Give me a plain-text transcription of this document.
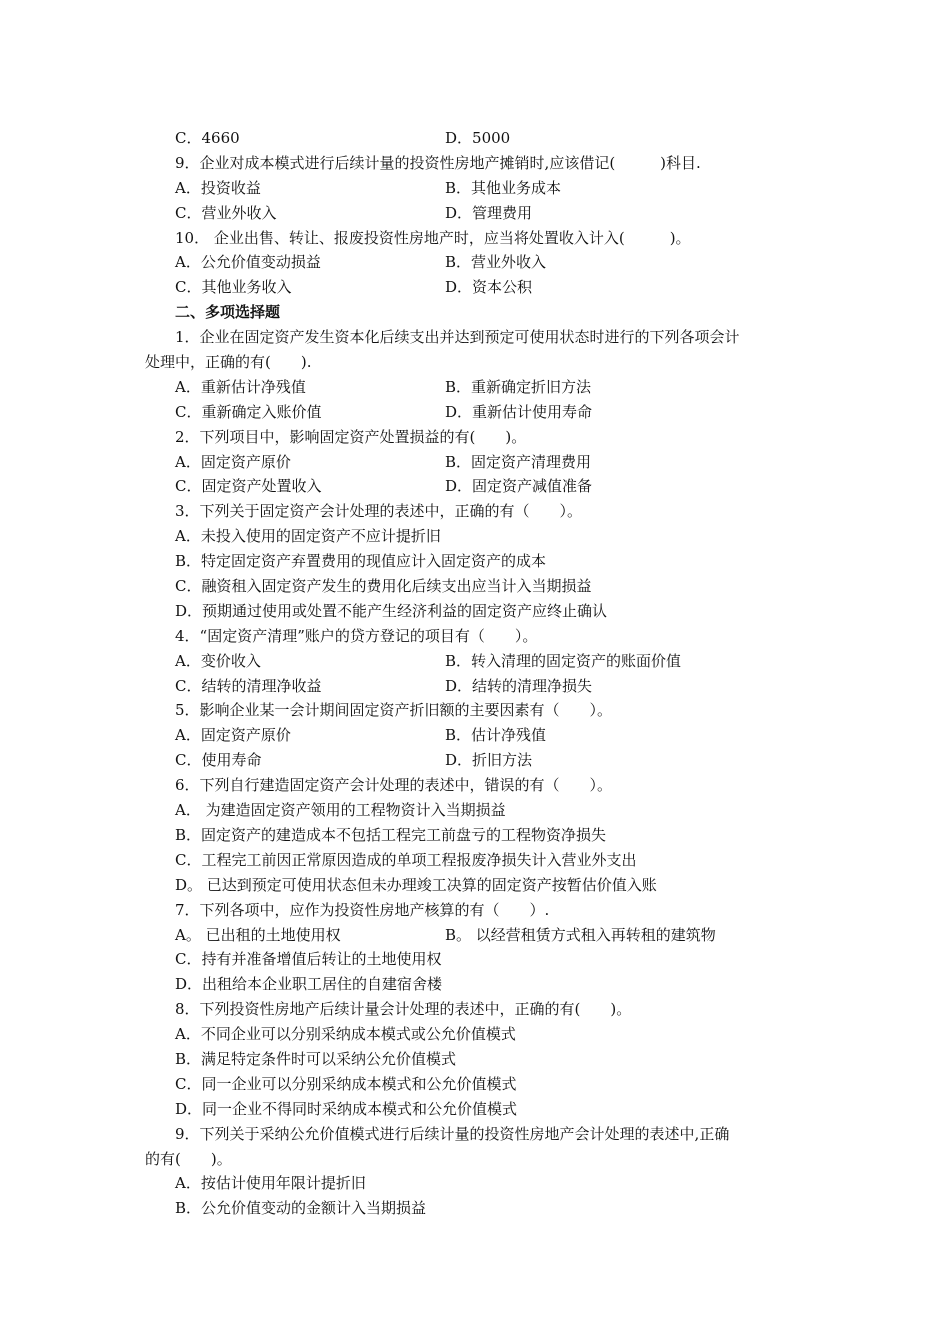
C．4660	D．5000
9．企业对成本模式进行后续计量的投资性房地产摊销时,应该借记(　　　)科目.
A．投资收益	B．其他业务成本
C．营业外收入	D．管理费用
10． 企业出售、转让、报废投资性房地产时，应当将处置收入计入(　　　)。
A．公允价值变动损益	B．营业外收入
C．其他业务收入	D．资本公积
二、多项选择题
1．企业在固定资产发生资本化后续支出并达到预定可使用状态时进行的下列各项会计
处理中，正确的有(　　).
A．重新估计净残值	B．重新确定折旧方法
C．重新确定入账价值	D．重新估计使用寿命
2．下列项目中，影响固定资产处置损益的有(　　)。
A．固定资产原价	B．固定资产清理费用
C．固定资产处置收入	D．固定资产减值准备
3．下列关于固定资产会计处理的表述中，正确的有（　　）。
A．未投入使用的固定资产不应计提折旧
B．特定固定资产弃置费用的现值应计入固定资产的成本
C．融资租入固定资产发生的费用化后续支出应当计入当期损益
D．预期通过使用或处置不能产生经济利益的固定资产应终止确认
4．“固定资产清理”账户的贷方登记的项目有（　　）。
A．变价收入	B．转入清理的固定资产的账面价值
C．结转的清理净收益	D．结转的清理净损失
5．影响企业某一会计期间固定资产折旧额的主要因素有（　　）。
A．固定资产原价	B．估计净残值
C．使用寿命	D．折旧方法
6．下列自行建造固定资产会计处理的表述中，错误的有（　　）。
A． 为建造固定资产领用的工程物资计入当期损益
B．固定资产的建造成本不包括工程完工前盘亏的工程物资净损失
C．工程完工前因正常原因造成的单项工程报废净损失计入营业外支出
D。 已达到预定可使用状态但未办理竣工决算的固定资产按暂估价值入账
7．下列各项中，应作为投资性房地产核算的有（　　）.
A。 已出租的土地使用权	B。 以经营租赁方式租入再转租的建筑物
C．持有并准备增值后转让的土地使用权
D．出租给本企业职工居住的自建宿舍楼
8．下列投资性房地产后续计量会计处理的表述中，正确的有(　　)。
A．不同企业可以分别采纳成本模式或公允价值模式
B．满足特定条件时可以采纳公允价值模式
C．同一企业可以分别采纳成本模式和公允价值模式
D．同一企业不得同时采纳成本模式和公允价值模式
9．下列关于采纳公允价值模式进行后续计量的投资性房地产会计处理的表述中,正确
的有(　　)。
A．按估计使用年限计提折旧
B．公允价值变动的金额计入当期损益
